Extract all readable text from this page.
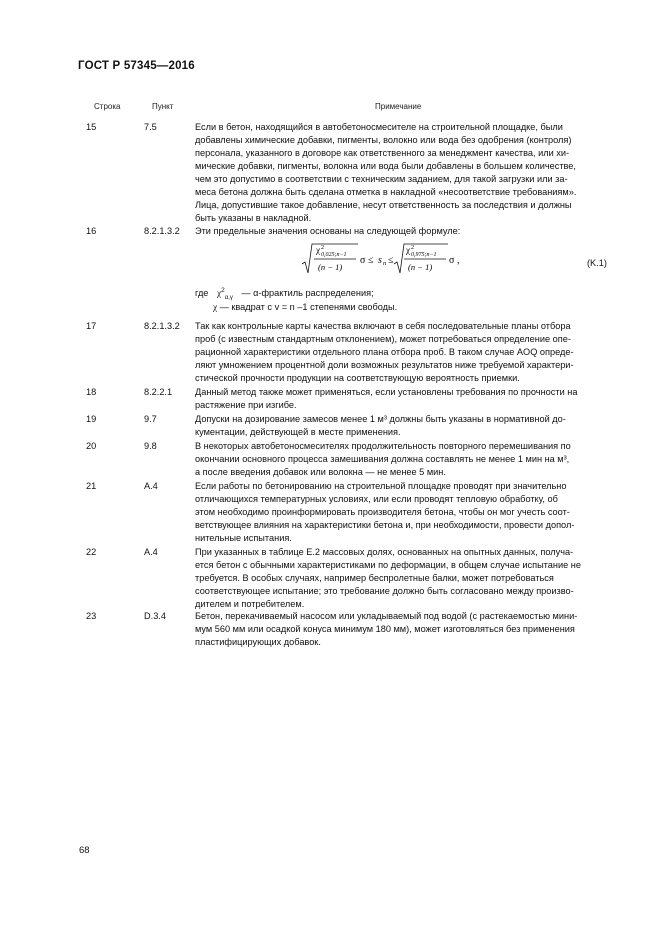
ГОСТ Р 57345—2016
Строка	Пункт	Примечание
15	7.5	Если в бетон, находящийся в автобетоносмесителе на строительной площадке, были

добавлены химические добавки, пигменты, волокно или вода без одобрения (контроля)

персонала, указанного в договоре как ответственного за менеджмент качества, или хи-

мические добавки, пигменты, волокна или вода были добавлены в большем количестве,

чем это допустимо в соответствии с техническим заданием, для такой загрузки или за-

меса бетона должна быть сделана отметка в накладной «несоответствие требованиям».

Лица, допустившие такое добавление, несут ответственность за последствия и должны

быть указаны в накладной.

16	8.2.1.3.2 Эти предельные значения основаны на следующей формуле:

χ 2
0,025;n−1
(n − 1)
σ ≤ s n ≤
χ 2
0,975;n−1
(n − 1)
σ ,	(K.1)
где $\chi^2_{\alpha,\gamma}$ — α-фрактиль распределения;
χ — квадрат с v = n –1 степенями свободы.
17	8.2.1.3.2 Так как контрольные карты качества включают в себя последовательные планы отбора

проб (с известным стандартным отклонением), может потребоваться определение опе-

рационной характеристики отдельного плана отбора проб. В таком случае AOQ опреде-

ляют умножением процентной доли возможных результатов ниже требуемой характери-

стической прочности продукции на соответствующую вероятность приемки.

18	8.2.2.1 Данный метод также может применяться, если установлены требования по прочности на

растяжение при изгибе.

19	9.7	Допуски на дозирование замесов менее 1 м³ должны быть указаны в нормативной до-

кументации, действующей в месте применения.

20	9.8	В некоторых автобетоносмесителях продолжительность повторного перемешивания по

окончании основного процесса замешивания должна составлять не менее 1 мин на м³,

а после введения добавок или волокна — не менее 5 мин.

21	А.4	Если работы по бетонированию на строительной площадке проводят при значительно

отличающихся температурных условиях, или если проводят тепловую обработку, об

этом необходимо проинформировать производителя бетона, чтобы он мог учесть соот-

ветствующее влияния на характеристики бетона и, при необходимости, провести допол-

нительные испытания.

22	А.4	При указанных в таблице Е.2 массовых долях, основанных на опытных данных, получа-

ется бетон с обычными характеристиками по деформации, в общем случае испытание не

требуется. В особых случаях, например беспролетные балки, может потребоваться

соответствующее испытание; это требование должно быть согласовано между произво-

дителем и потребителем.

23	D.3.4	Бетон, перекачиваемый насосом или укладываемый под водой (с растекаемостью мини-

мум 560 мм или осадкой конуса минимум 180 мм), может изготовляться без применения

пластифицирующих добавок.

68
